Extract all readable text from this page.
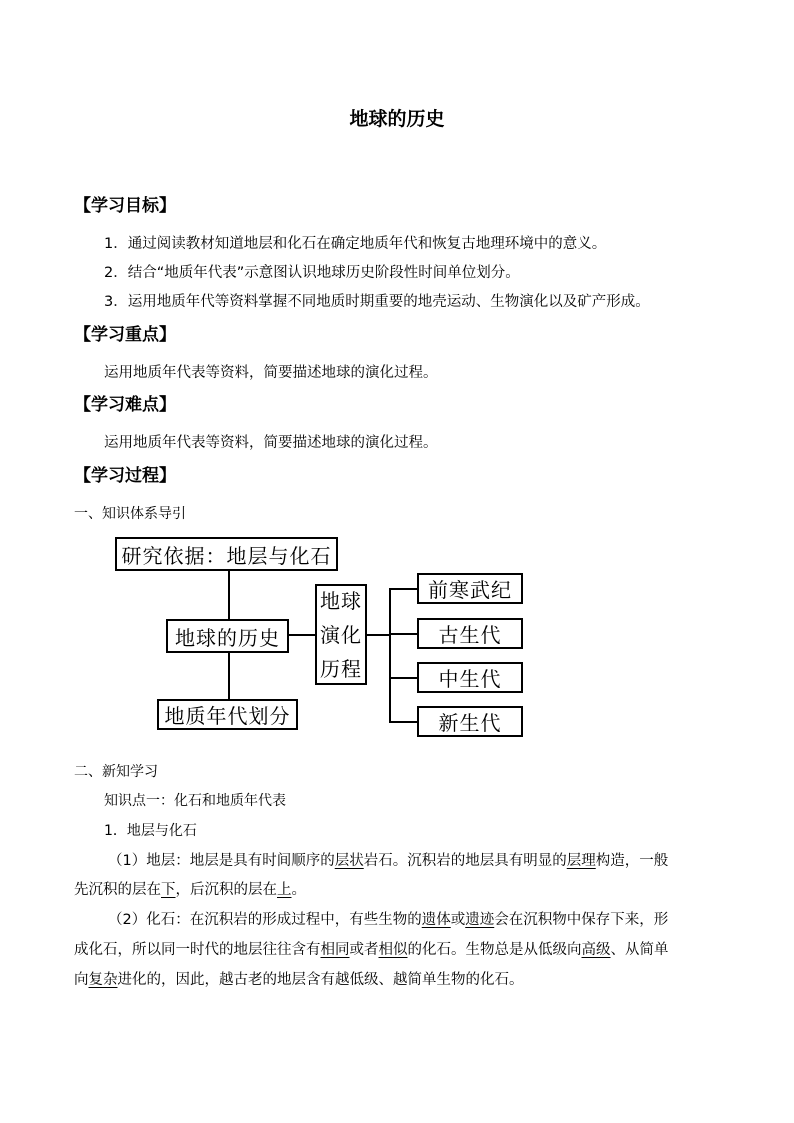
地球的历史
【学习目标】
1．通过阅读教材知道地层和化石在确定地质年代和恢复古地理环境中的意义。
2．结合“地质年代表”示意图认识地球历史阶段性时间单位划分。
3．运用地质年代等资料掌握不同地质时期重要的地壳运动、生物演化以及矿产形成。
【学习重点】
运用地质年代表等资料，简要描述地球的演化过程。
【学习难点】
运用地质年代表等资料，简要描述地球的演化过程。
【学习过程】
一、知识体系导引
研究依据：地层与化石
地球的历史
地质年代划分
地球
演化
历程
前寒武纪
古生代
中生代
新生代
二、新知学习
知识点一：化石和地质年代表
1．地层与化石
（1）地层：地层是具有时间顺序的层状岩石。沉积岩的地层具有明显的层理构造，一般
先沉积的层在下，后沉积的层在上。
（2）化石：在沉积岩的形成过程中，有些生物的遗体或遗迹会在沉积物中保存下来，形
成化石，所以同一时代的地层往往含有相同或者相似的化石。生物总是从低级向高级、从简单
向复杂进化的，因此，越古老的地层含有越低级、越简单生物的化石。
